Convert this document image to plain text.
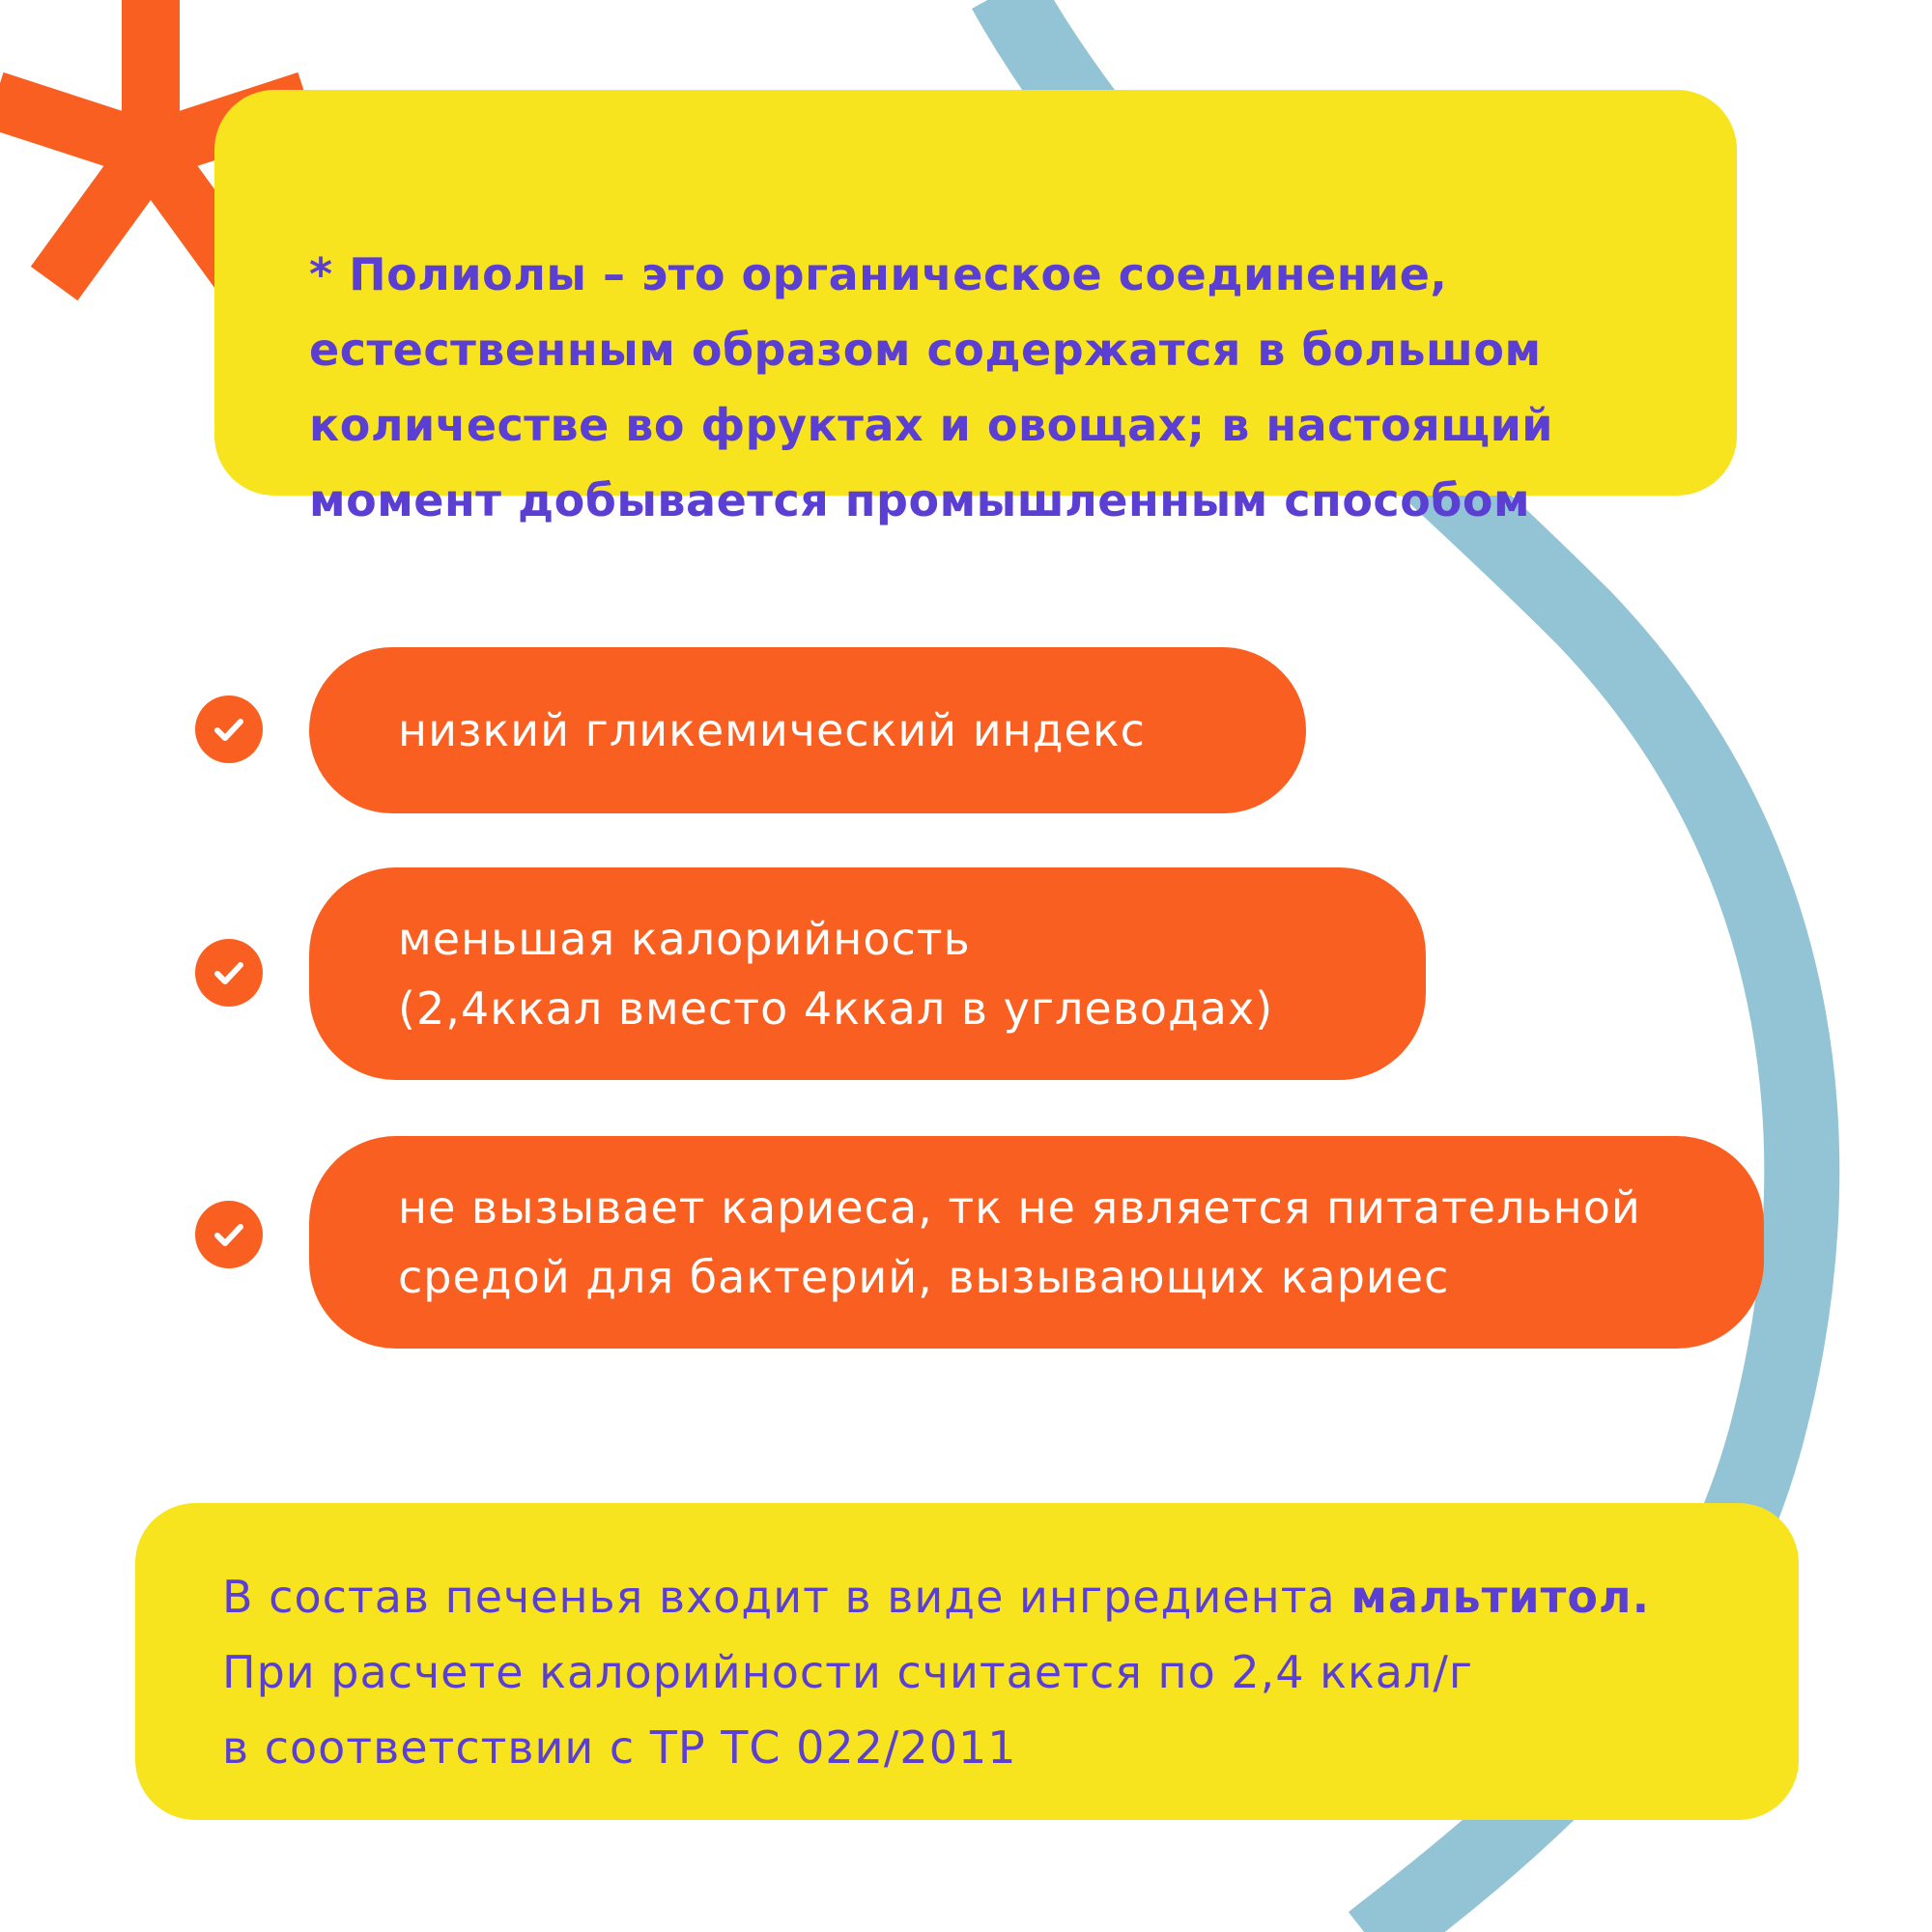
* Полиолы – это органическое соединение,
естественным образом содержатся в большом
количестве во фруктах и овощах; в настоящий
момент добывается промышленным способом

низкий гликемический индекс
меньшая калорийность
(2,4ккал вместо 4ккал в углеводах)
не вызывает кариеса, тк не является питательной
средой для бактерий, вызывающих кариес

В состав печенья входит в виде ингредиента мальтитол.
При расчете калорийности считается по 2,4 ккал/г
в соответствии с ТР ТС 022/2011
